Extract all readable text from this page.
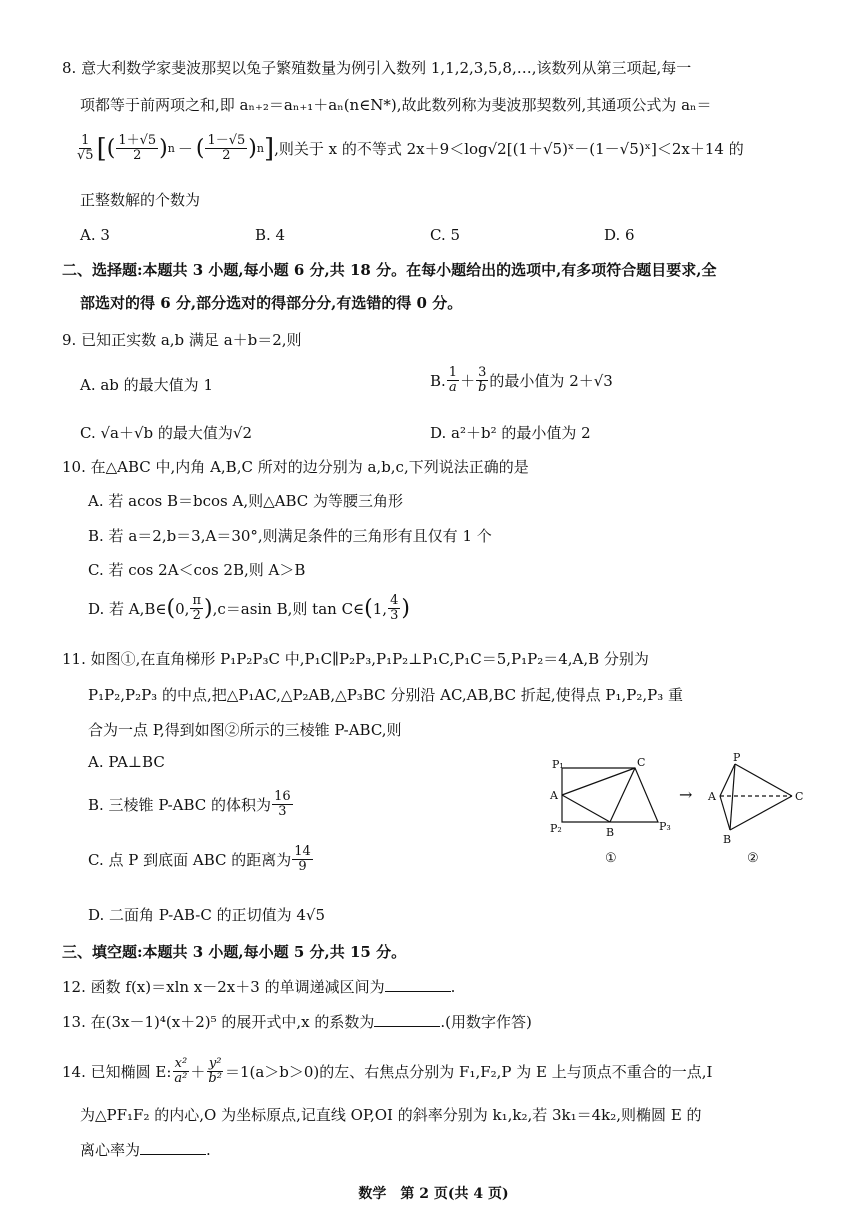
8. 意大利数学家斐波那契以兔子繁殖数量为例引入数列 1,1,2,3,5,8,…,该数列从第三项起,每一
项都等于前两项之和,即 aₙ₊₂＝aₙ₊₁＋aₙ(n∈N*),故此数列称为斐波那契数列,其通项公式为 aₙ＝
$\frac{1}{√5}$ [ ( $\frac{1+√5}{2}$ ) n － ( $\frac{1-√5}{2}$ ) n ] ,则关于 x 的不等式 2x＋9＜log√2[(1＋√5)ˣ－(1－√5)ˣ]＜2x＋14 的
正整数解的个数为
A. 3	B. 4	C. 5	D. 6
二、选择题:本题共 3 小题,每小题 6 分,共 18 分。在每小题给出的选项中,有多项符合题目要求,全
部选对的得 6 分,部分选对的得部分分,有选错的得 0 分。
9. 已知正实数 a,b 满足 a＋b＝2,则
A. ab 的最大值为 1	B. $\frac{1}{a} + \frac{3}{b}$ 的最小值为 2＋√3
C. √a＋√b 的最大值为√2	D. a²＋b² 的最小值为 2
10. 在△ABC 中,内角 A,B,C 所对的边分别为 a,b,c,下列说法正确的是
A. 若 acos B＝bcos A,则△ABC 为等腰三角形
B. 若 a＝2,b＝3,A＝30°,则满足条件的三角形有且仅有 1 个
C. 若 cos 2A＜cos 2B,则 A＞B
D. 若 A,B∈ ( 0, $\frac{\pi}{2}$ ) ,c＝asin B,则 tan C∈ ( 1, $\frac{4}{3}$ )
11. 如图①,在直角梯形 P₁P₂P₃C 中,P₁C∥P₂P₃,P₁P₂⊥P₁C,P₁C＝5,P₁P₂＝4,A,B 分别为
P₁P₂,P₂P₃ 的中点,把△P₁AC,△P₂AB,△P₃BC 分别沿 AC,AB,BC 折起,使得点 P₁,P₂,P₃ 重
合为一点 P,得到如图②所示的三棱锥 P-ABC,则
A. PA⊥BC
B. 三棱锥 P-ABC 的体积为 $\frac{16}{3}$
C. 点 P 到底面 ABC 的距离为 $\frac{14}{9}$
D. 二面角 P-AB-C 的正切值为 4√5
P₁	C
A
P₂	B	P₃
→
P
A	C
B
①	②
三、填空题:本题共 3 小题,每小题 5 分,共 15 分。
12. 函数 f(x)＝xln x－2x＋3 的单调递减区间为	.
13. 在(3x－1)⁴(x＋2)⁵ 的展开式中,x 的系数为	.(用数字作答)
14. 已知椭圆 E: $\frac{\text{x²}}{\text{a²}} + \frac{\text{y²}}{\text{b²}} =1(a>b>0)$的左、右焦点分别为 F₁,F₂,P 为 E 上与顶点不重合的一点,I
为△PF₁F₂ 的内心,O 为坐标原点,记直线 OP,OI 的斜率分别为 k₁,k₂,若 3k₁＝4k₂,则椭圆 E 的
离心率为	.
数学　第 2 页(共 4 页)
